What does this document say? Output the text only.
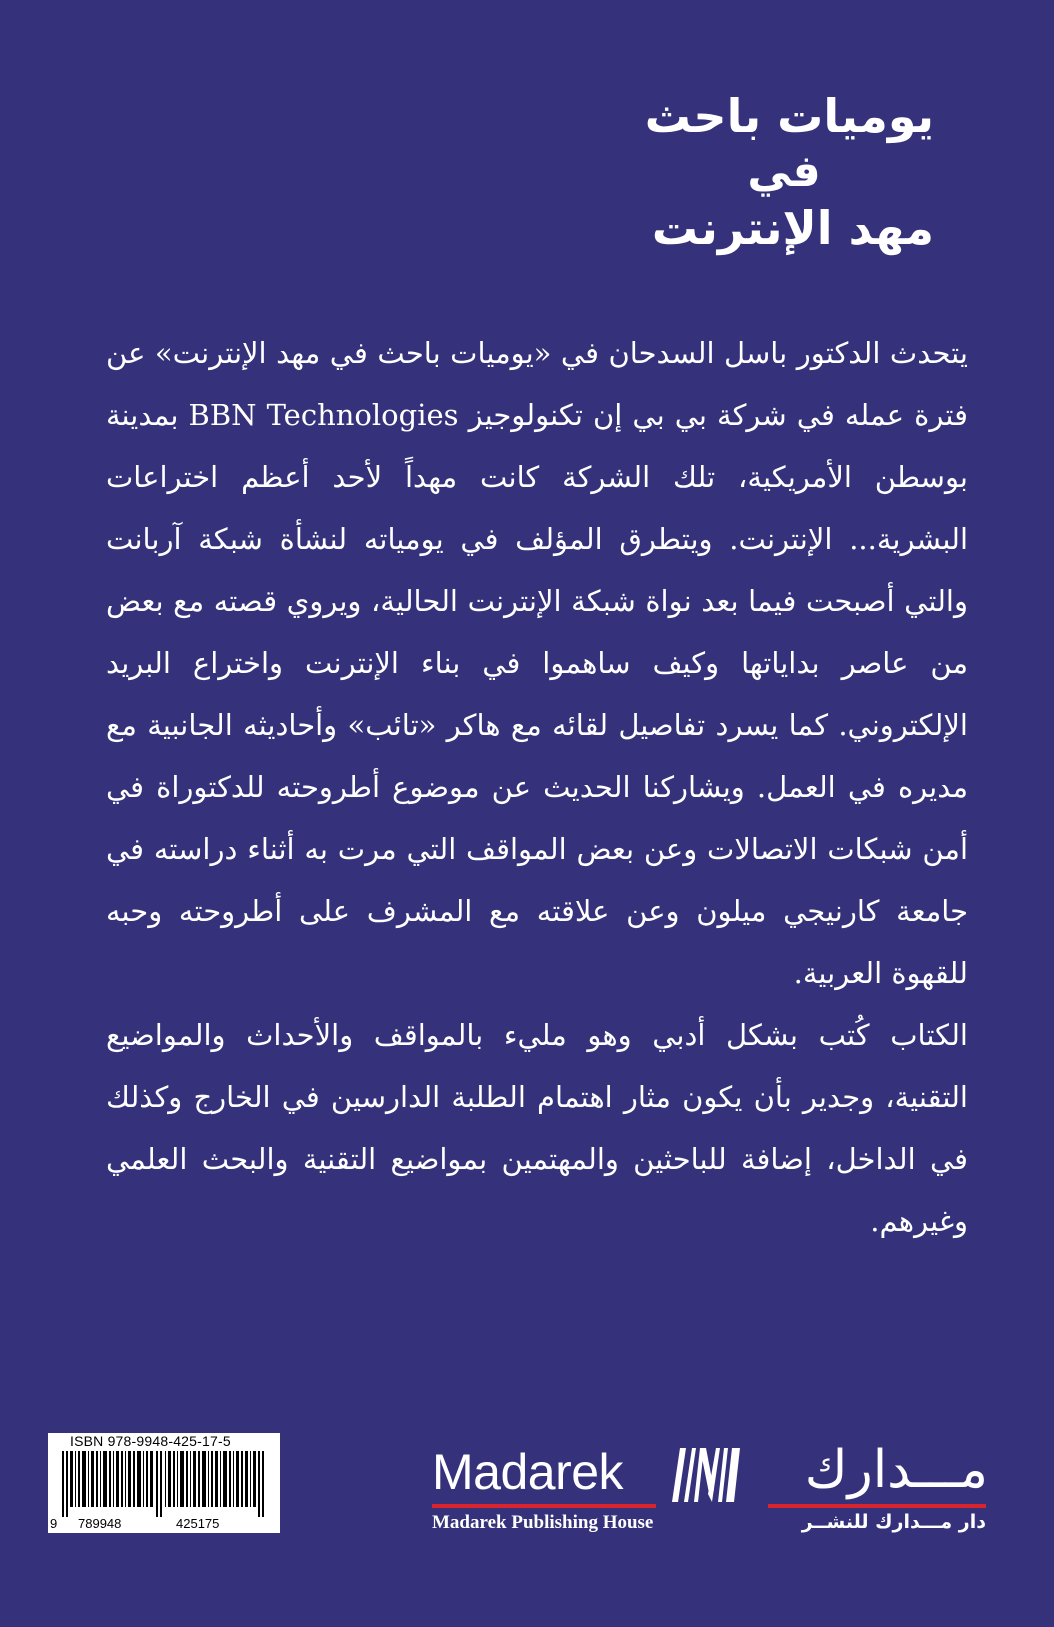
يوميات باحث
في
مهد الإنترنت

يتحدث الدكتور باسل السدحان في «يوميات باحث في مهد الإنترنت» عن فترة عمله في شركة بي بي إن تكنولوجيز BBN Technologies بمدينة بوسطن الأمريكية، تلك الشركة كانت مهداً لأحد أعظم اختراعات البشرية... الإنترنت. ويتطرق المؤلف في يومياته لنشأة شبكة آربانت والتي أصبحت فيما بعد نواة شبكة الإنترنت الحالية، ويروي قصته مع بعض من عاصر بداياتها وكيف ساهموا في بناء الإنترنت واختراع البريد الإلكتروني. كما يسرد تفاصيل لقائه مع هاكر «تائب» وأحاديثه الجانبية مع مديره في العمل. ويشاركنا الحديث عن موضوع أطروحته للدكتوراة في أمن شبكات الاتصالات وعن بعض المواقف التي مرت به أثناء دراسته في جامعة كارنيجي ميلون وعن علاقته مع المشرف على أطروحته وحبه للقهوة العربية.

الكتاب كُتب بشكل أدبي وهو مليء بالمواقف والأحداث والمواضيع التقنية، وجدير بأن يكون مثار اهتمام الطلبة الدارسين في الخارج وكذلك في الداخل، إضافة للباحثين والمهتمين بمواضيع التقنية والبحث العلمي وغيرهم.

ISBN 978-9948-425-17-5
9 789948	425175
Madarek
Madarek Publishing House
مـــدارك
دار مـــدارك للنشــر
